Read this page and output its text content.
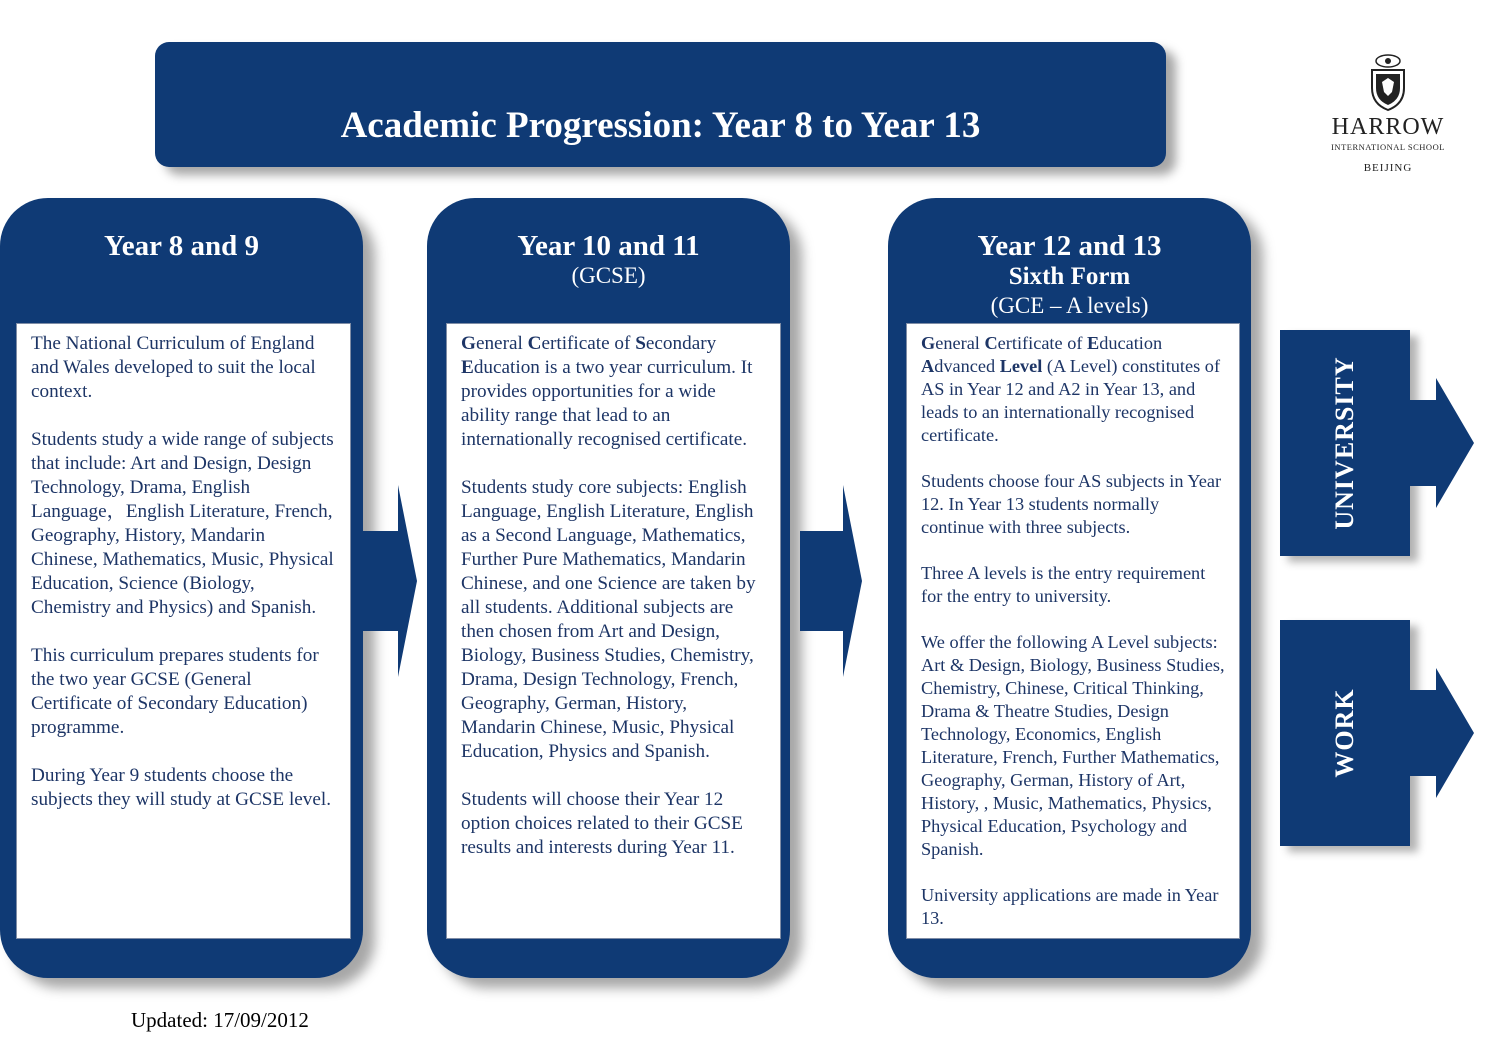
Academic Progression: Year 8 to Year 13	HARROW
INTERNATIONAL SCHOOL
BEIJING
Year 8 and 9

The National Curriculum of England and Wales developed to suit the local context.

Students study a wide range of subjects that include: Art and Design, Design Technology, Drama, English Language，English Literature, French, Geography, History, Mandarin Chinese, Mathematics, Music, Physical Education, Science (Biology, Chemistry and Physics) and Spanish.

This curriculum prepares students for the two year GCSE (General Certificate of Secondary Education) programme.

During Year 9 students choose the subjects they will study at GCSE level.

Year 10 and 11
(GCSE)

General Certificate of Secondary Education is a two year curriculum. It provides opportunities for a wide ability range that lead to an internationally recognised certificate.

Students study core subjects: English Language, English Literature, English as a Second Language, Mathematics, Further Pure Mathematics, Mandarin Chinese, and one Science are taken by all students. Additional subjects are then chosen from Art and Design, Biology, Business Studies, Chemistry, Drama, Design Technology, French, Geography, German, History, Mandarin Chinese, Music, Physical Education, Physics and Spanish.

Students will choose their Year 12 option choices related to their GCSE results and interests during Year 11.

Year 12 and 13
Sixth Form
(GCE – A levels)

General Certificate of Education Advanced Level (A Level) constitutes of AS in Year 12 and A2 in Year 13, and leads to an internationally recognised certificate.

Students choose four AS subjects in Year 12. In Year 13 students normally continue with three subjects.

Three A levels is the entry requirement for the entry to university.

We offer the following A Level subjects: Art & Design, Biology, Business Studies, Chemistry, Chinese, Critical Thinking, Drama & Theatre Studies, Design Technology, Economics, English Literature, French, Further Mathematics, Geography, German, History of Art, History, , Music, Mathematics, Physics, Physical Education, Psychology and Spanish.

University applications are made in Year 13.

UNIVERSITY
WORK
Updated: 17/09/2012
